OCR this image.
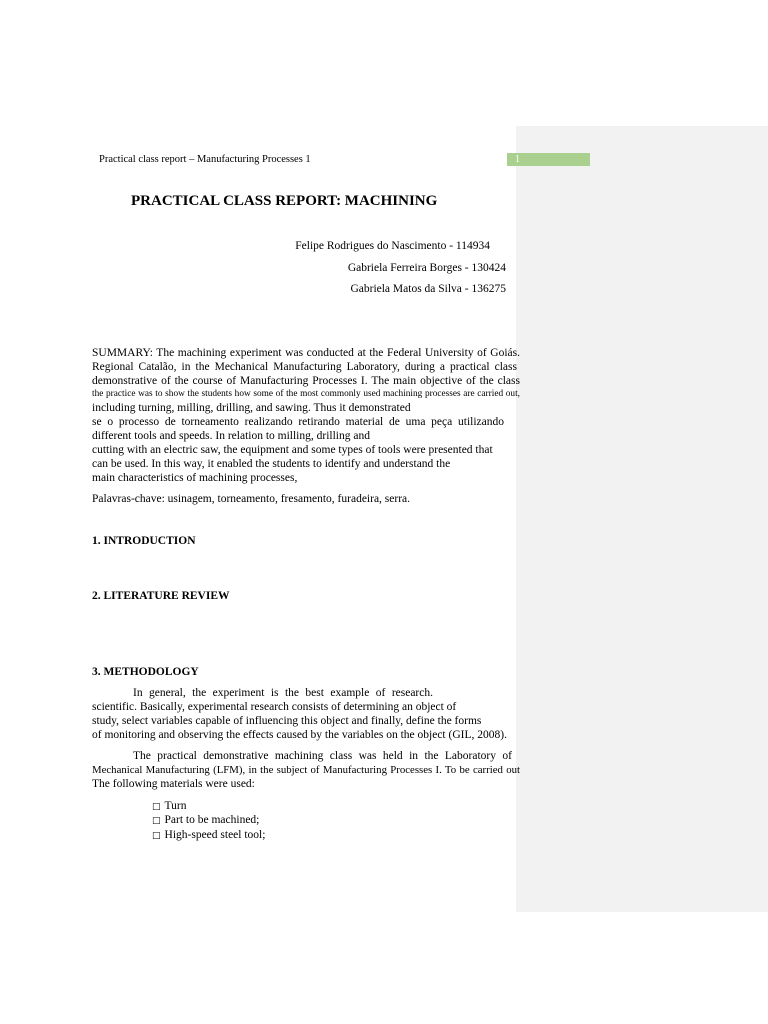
1
Practical class report – Manufacturing Processes 1
PRACTICAL CLASS REPORT: MACHINING
Felipe Rodrigues do Nascimento - 114934
Gabriela Ferreira Borges - 130424
Gabriela Matos da Silva - 136275
SUMMARY: The machining experiment was conducted at the Federal University of Goiás.
Regional Catalão, in the Mechanical Manufacturing Laboratory, during a practical class
demonstrative of the course of Manufacturing Processes I. The main objective of the class
the practice was to show the students how some of the most commonly used machining processes are carried out,
including turning, milling, drilling, and sawing. Thus it demonstrated
se o processo de torneamento realizando retirando material de uma peça utilizando
different tools and speeds. In relation to milling, drilling and
cutting with an electric saw, the equipment and some types of tools were presented that
can be used. In this way, it enabled the students to identify and understand the
main characteristics of machining processes,
Palavras-chave: usinagem, torneamento, fresamento, furadeira, serra.
1. INTRODUCTION
2. LITERATURE REVIEW
3. METHODOLOGY
In general, the experiment is the best example of research.
scientific. Basically, experimental research consists of determining an object of
study, select variables capable of influencing this object and finally, define the forms
of monitoring and observing the effects caused by the variables on the object (GIL, 2008).
The practical demonstrative machining class was held in the Laboratory of
Mechanical Manufacturing (LFM), in the subject of Manufacturing Processes I. To be carried out
The following materials were used:
□ Turn
□ Part to be machined;
□ High-speed steel tool;
